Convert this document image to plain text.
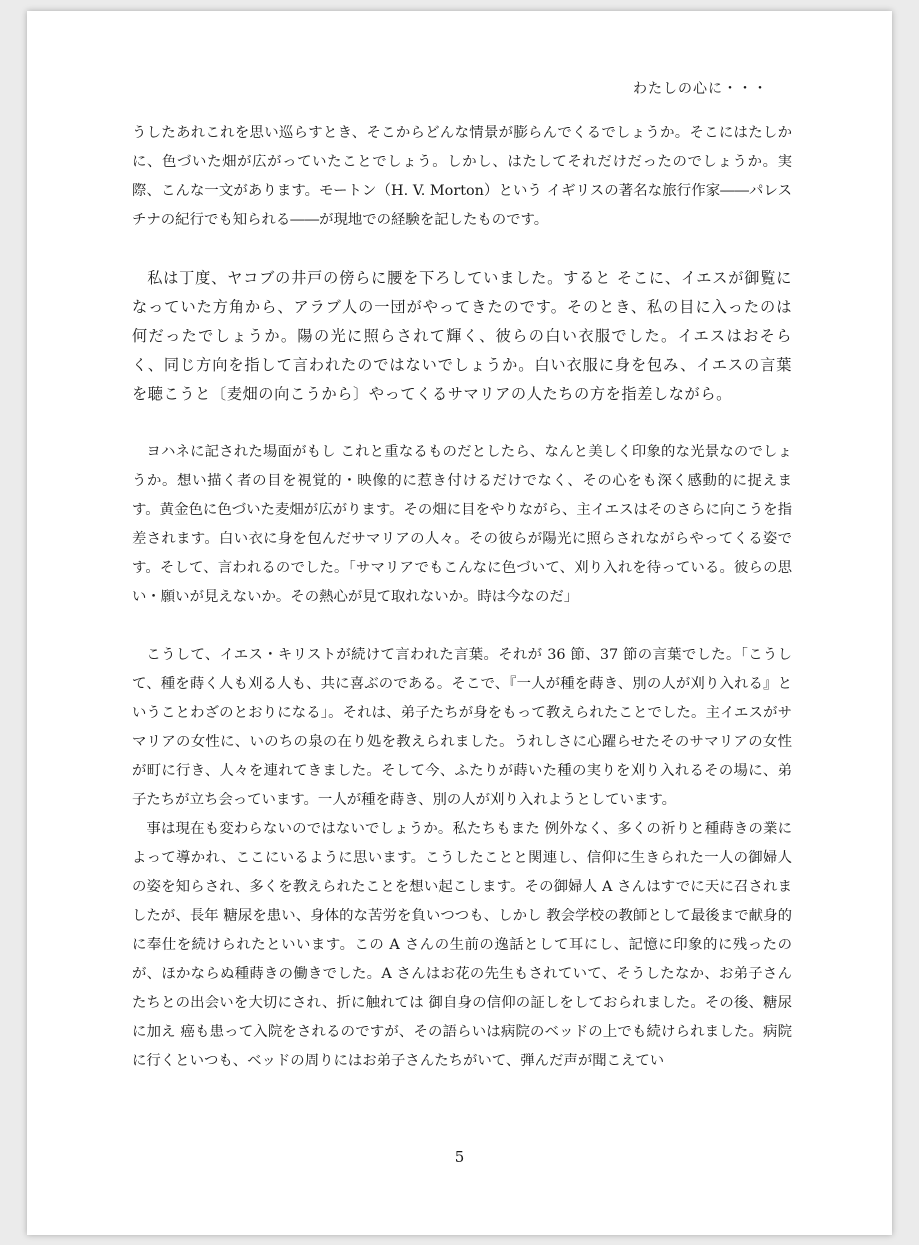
わたしの心に・・・

うしたあれこれを思い巡らすとき、そこからどんな情景が膨らんでくるでしょうか。そこにはたしかに、色づいた畑が広がっていたことでしょう。しかし、はたしてそれだけだったのでしょうか。実際、こんな一文があります。モートン（H. V. Morton）という イギリスの著名な旅行作家――パレスチナの紀行でも知られる――が現地での経験を記したものです。

私は丁度、ヤコブの井戸の傍らに腰を下ろしていました。すると そこに、イエスが御覧になっていた方角から、アラブ人の一団がやってきたのです。そのとき、私の目に入ったのは何だったでしょうか。陽の光に照らされて輝く、彼らの白い衣服でした。イエスはおそらく、同じ方向を指して言われたのではないでしょうか。白い衣服に身を包み、イエスの言葉を聴こうと〔麦畑の向こうから〕やってくるサマリアの人たちの方を指差しながら。

ヨハネに記された場面がもし これと重なるものだとしたら、なんと美しく印象的な光景なのでしょうか。想い描く者の目を視覚的・映像的に惹き付けるだけでなく、その心をも深く感動的に捉えます。黄金色に色づいた麦畑が広がります。その畑に目をやりながら、主イエスはそのさらに向こうを指差されます。白い衣に身を包んだサマリアの人々。その彼らが陽光に照らされながらやってくる姿です。そして、言われるのでした。「サマリアでもこんなに色づいて、刈り入れを待っている。彼らの思い・願いが見えないか。その熱心が見て取れないか。時は今なのだ」

こうして、イエス・キリストが続けて言われた言葉。それが 36 節、37 節の言葉でした。「こうして、種を蒔く人も刈る人も、共に喜ぶのである。そこで、『一人が種を蒔き、別の人が刈り入れる』ということわざのとおりになる」。それは、弟子たちが身をもって教えられたことでした。主イエスがサマリアの女性に、いのちの泉の在り処を教えられました。うれしさに心躍らせたそのサマリアの女性が町に行き、人々を連れてきました。そして今、ふたりが蒔いた種の実りを刈り入れるその場に、弟子たちが立ち会っています。一人が種を蒔き、別の人が刈り入れようとしています。

事は現在も変わらないのではないでしょうか。私たちもまた 例外なく、多くの祈りと種蒔きの業によって導かれ、ここにいるように思います。こうしたことと関連し、信仰に生きられた一人の御婦人の姿を知らされ、多くを教えられたことを想い起こします。その御婦人 A さんはすでに天に召されましたが、長年 糖尿を患い、身体的な苦労を負いつつも、しかし 教会学校の教師として最後まで献身的に奉仕を続けられたといいます。この A さんの生前の逸話として耳にし、記憶に印象的に残ったのが、ほかならぬ種蒔きの働きでした。A さんはお花の先生もされていて、そうしたなか、お弟子さんたちとの出会いを大切にされ、折に触れては 御自身の信仰の証しをしておられました。その後、糖尿に加え 癌も患って入院をされるのですが、その語らいは病院のベッドの上でも続けられました。病院に行くといつも、ベッドの周りにはお弟子さんたちがいて、弾んだ声が聞こえてい

5
